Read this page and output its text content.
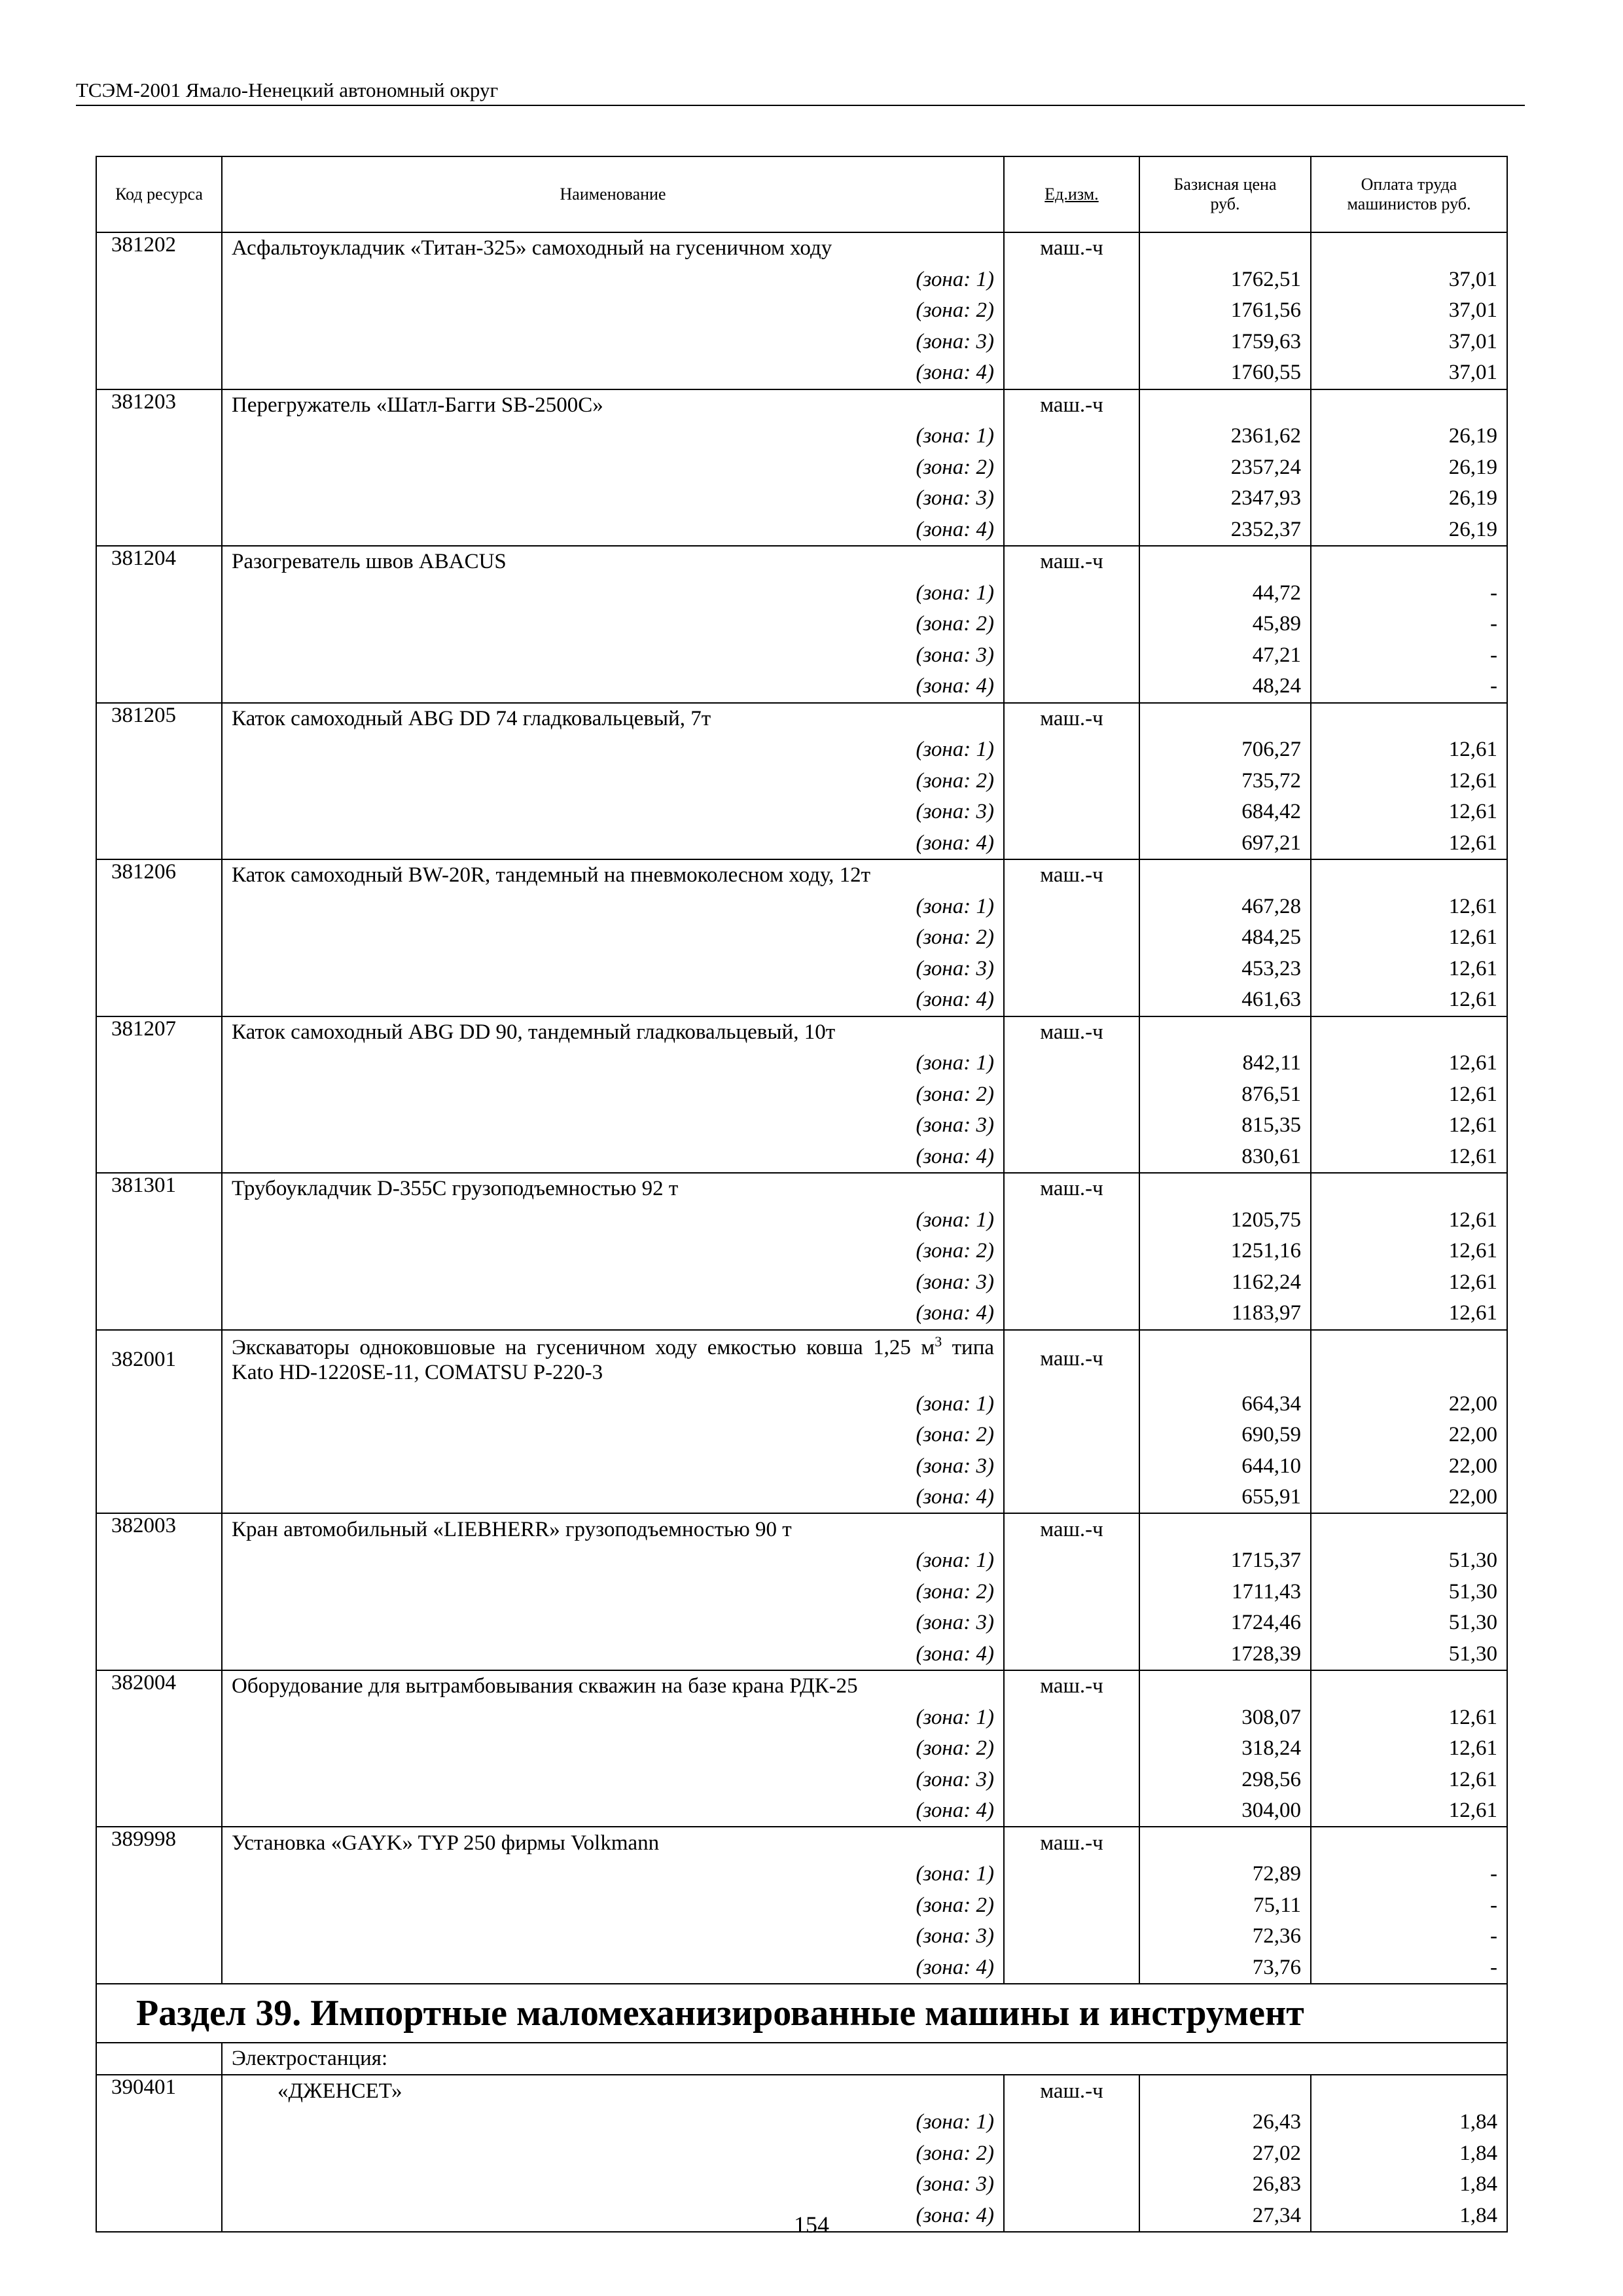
ТСЭМ-2001 Ямало-Ненецкий автономный округ
Код ресурса	Наименование	Ед.изм.	Базисная цена руб.	Оплата труда машинистов руб.
381202	Асфальтоукладчик «Титан-325» самоходный на гусеничном ходу	маш.-ч		
	(зона: 1)		1762,51	37,01
	(зона: 2)		1761,56	37,01
	(зона: 3)		1759,63	37,01
	(зона: 4)		1760,55	37,01
381203	Перегружатель «Шатл-Багги SB-2500C»	маш.-ч		
	(зона: 1)		2361,62	26,19
	(зона: 2)		2357,24	26,19
	(зона: 3)		2347,93	26,19
	(зона: 4)		2352,37	26,19
381204	Разогреватель швов ABACUS	маш.-ч		
	(зона: 1)		44,72	-
	(зона: 2)		45,89	-
	(зона: 3)		47,21	-
	(зона: 4)		48,24	-
381205	Каток самоходный ABG DD 74 гладковальцевый, 7т	маш.-ч		
	(зона: 1)		706,27	12,61
	(зона: 2)		735,72	12,61
	(зона: 3)		684,42	12,61
	(зона: 4)		697,21	12,61
381206	Каток самоходный BW-20R, тандемный на пневмоколесном ходу, 12т	маш.-ч		
	(зона: 1)		467,28	12,61
	(зона: 2)		484,25	12,61
	(зона: 3)		453,23	12,61
	(зона: 4)		461,63	12,61
381207	Каток самоходный ABG DD 90, тандемный гладковальцевый, 10т	маш.-ч		
	(зона: 1)		842,11	12,61
	(зона: 2)		876,51	12,61
	(зона: 3)		815,35	12,61
	(зона: 4)		830,61	12,61
381301	Трубоукладчик D-355C грузоподъемностью 92 т	маш.-ч		
	(зона: 1)		1205,75	12,61
	(зона: 2)		1251,16	12,61
	(зона: 3)		1162,24	12,61
	(зона: 4)		1183,97	12,61
382001	Экскаваторы одноковшовые на гусеничном ходу емкостью ковша 1,25 $м^3$ типа Kato HD-1220SE-11, COMATSU P-220-3	маш.-ч		
	(зона: 1)		664,34	22,00
	(зона: 2)		690,59	22,00
	(зона: 3)		644,10	22,00
	(зона: 4)		655,91	22,00
382003	Кран автомобильный «LIEBHERR» грузоподъемностью 90 т	маш.-ч		
	(зона: 1)		1715,37	51,30
	(зона: 2)		1711,43	51,30
	(зона: 3)		1724,46	51,30
	(зона: 4)		1728,39	51,30
382004	Оборудование для вытрамбовывания скважин на базе крана РДК-25	маш.-ч		
	(зона: 1)		308,07	12,61
	(зона: 2)		318,24	12,61
	(зона: 3)		298,56	12,61
	(зона: 4)		304,00	12,61
389998	Установка «GAYK» TYP 250 фирмы Volkmann	маш.-ч		
	(зона: 1)		72,89	-
	(зона: 2)		75,11	-
	(зона: 3)		72,36	-
	(зона: 4)		73,76	-
Раздел 39. Импортные маломеханизированные машины и инструмент				
	Электростанция:			
390401	«ДЖЕНСЕТ»	маш.-ч		
	(зона: 1)		26,43	1,84
	(зона: 2)		27,02	1,84
	(зона: 3)		26,83	1,84
	(зона: 4)		27,34	1,84
154
